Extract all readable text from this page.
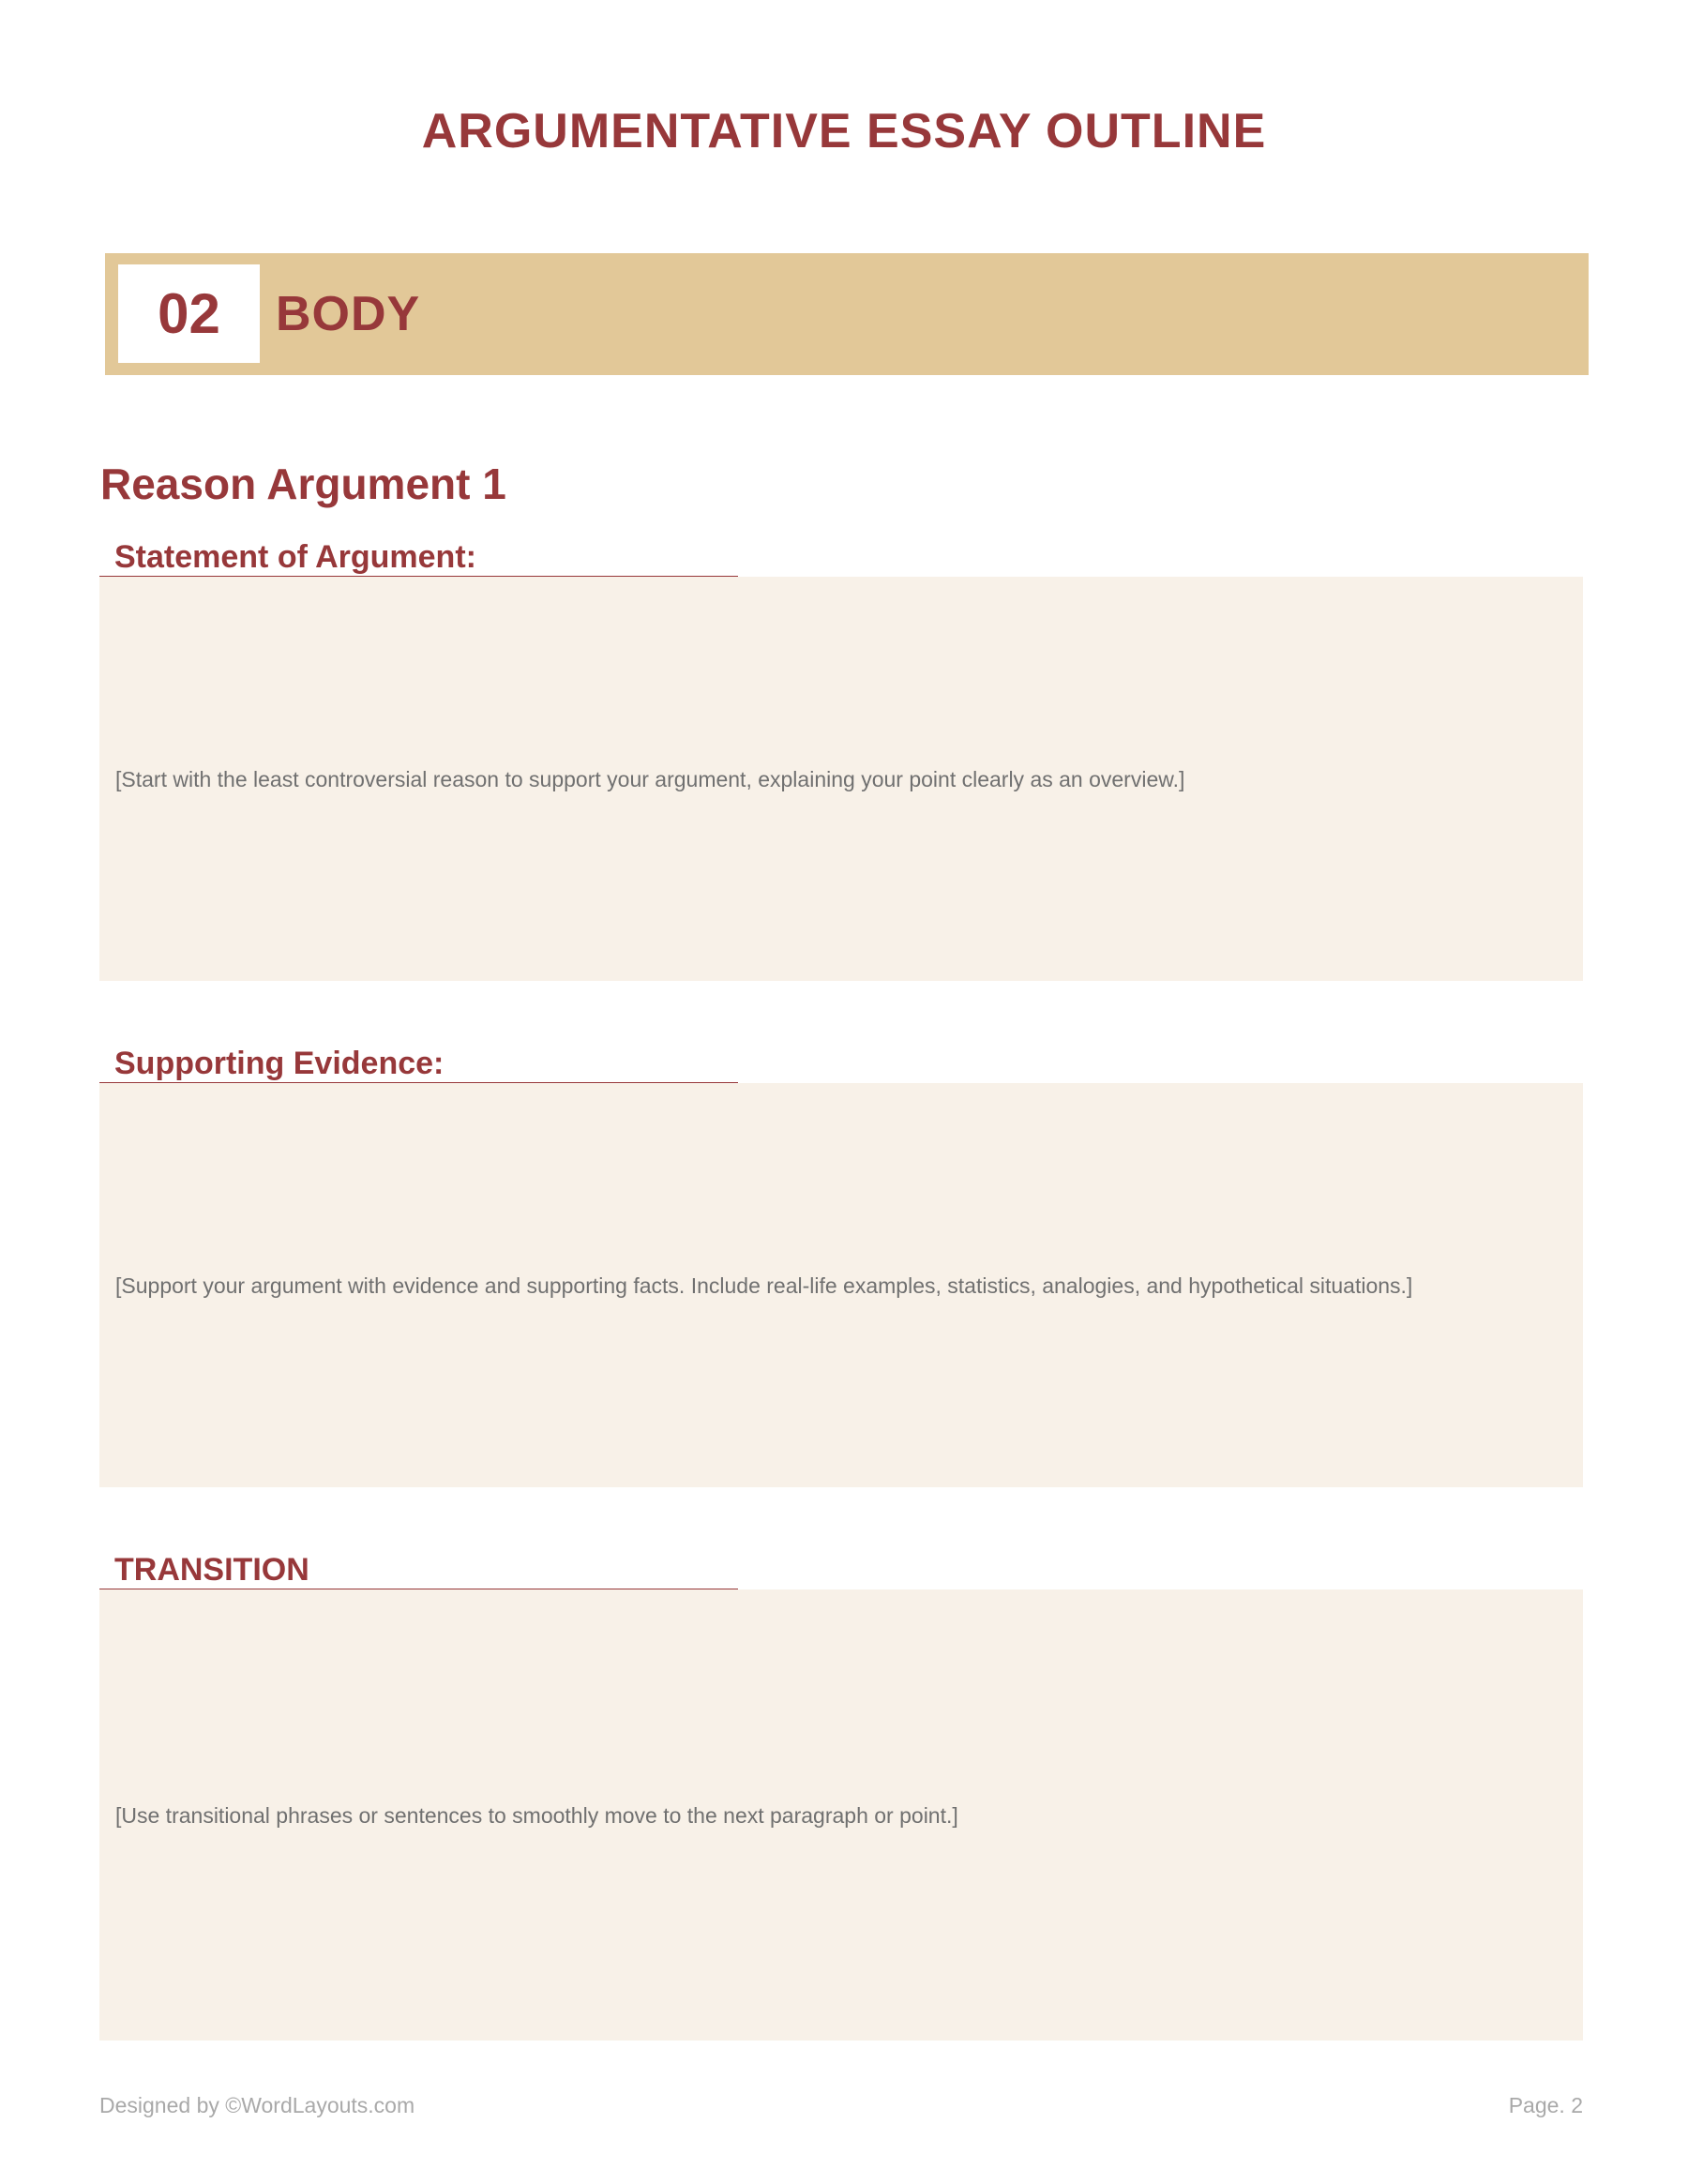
ARGUMENTATIVE ESSAY OUTLINE
02	BODY
Reason Argument 1
Statement of Argument:
[Start with the least controversial reason to support your argument, explaining your point clearly as an overview.]
Supporting Evidence:
[Support your argument with evidence and supporting facts. Include real-life examples, statistics, analogies, and hypothetical situations.]
TRANSITION
[Use transitional phrases or sentences to smoothly move to the next paragraph or point.]
Designed by ©WordLayouts.com	Page. 2
